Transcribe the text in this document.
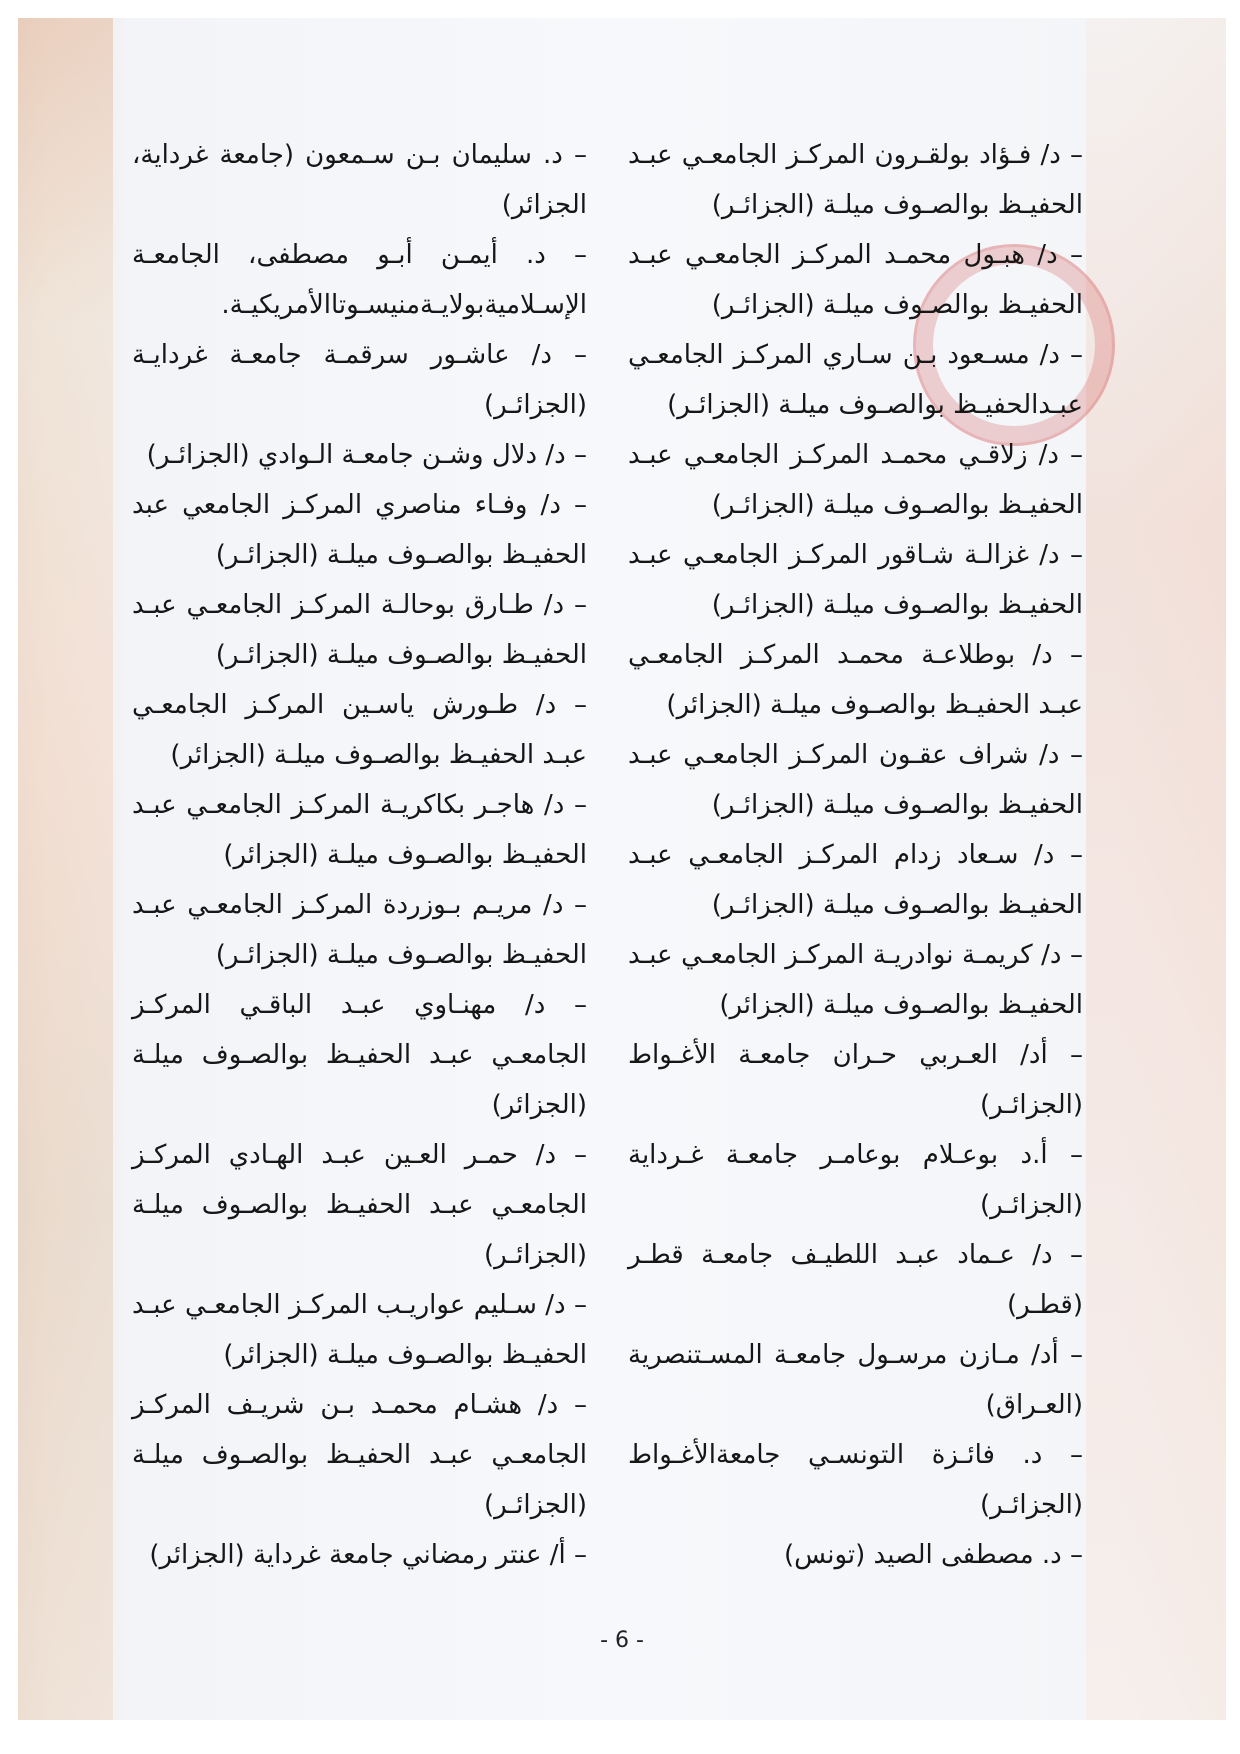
– د/ فـؤاد بولقـرون المركـز الجامعـي عبـد الحفيـظ بوالصـوف ميلـة (الجزائـر)

– د/ هبـول محمـد المركـز الجامعـي عبـد الحفيـظ بوالصـوف ميلـة (الجزائـر)

– د/ مسـعود بـن سـاري المركـز الجامعـي عبـدالحفيـظ بوالصـوف ميلـة (الجزائـر)

– د/ زلاقـي محمـد المركـز الجامعـي عبـد الحفيـظ بوالصـوف ميلـة (الجزائـر)

– د/ غزالـة شـاقور المركـز الجامعـي عبـد الحفيـظ بوالصـوف ميلـة (الجزائـر)

– د/ بوطلاعـة محمـد المركـز الجامعـي عبـد الحفيـظ بوالصـوف ميلـة (الجزائر)

– د/ شراف عقـون المركـز الجامعـي عبـد الحفيـظ بوالصـوف ميلـة (الجزائـر)

– د/ سـعاد زدام المركـز الجامعـي عبـد الحفيـظ بوالصـوف ميلـة (الجزائـر)

– د/ كريمـة نوادريـة المركـز الجامعـي عبـد الحفيـظ بوالصـوف ميلـة (الجزائر)

– أد/ العـربي حـران جامعـة الأغـواط (الجزائـر)

– أ.د بوعـلام بوعامـر جامعـة غـرداية (الجزائـر)

– د/ عـماد عبـد اللطيـف جامعـة قطـر (قطـر)

– أد/ مـازن مرسـول جامعـة المسـتنصرية (العـراق)

– د. فائـزة التونسـي جامعةالأغـواط (الجزائـر)

– د. مصطفى الصيد (تونس)

– د. سليمان بـن سـمعون (جامعة غرداية، الجزائر)

– د. أيمـن أبـو مصطفى، الجامعـة الإسـلاميةبولايـةمنيسـوتاالأمريكيـة.

– د/ عاشـور سرقمـة جامعـة غردايـة (الجزائـر)

– د/ دلال وشـن جامعـة الـوادي (الجزائـر)

– د/ وفـاء مناصري المركـز الجامعي عبد الحفيـظ بوالصـوف ميلـة (الجزائـر)

– د/ طـارق بوحالـة المركـز الجامعـي عبـد الحفيـظ بوالصـوف ميلـة (الجزائـر)

– د/ طـورش ياسـين المركـز الجامعـي عبـد الحفيـظ بوالصـوف ميلـة (الجزائر)

– د/ هاجـر بكاكريـة المركـز الجامعـي عبـد الحفيـظ بوالصـوف ميلـة (الجزائر)

– د/ مريـم بـوزردة المركـز الجامعـي عبـد الحفيـظ بوالصـوف ميلـة (الجزائـر)

– د/ مهنـاوي عبـد الباقـي المركـز الجامعـي عبـد الحفيـظ بوالصـوف ميلـة (الجزائر)

– د/ حمـر العـين عبـد الهـادي المركـز الجامعـي عبـد الحفيـظ بوالصـوف ميلـة (الجزائـر)

– د/ سـليم عواريـب المركـز الجامعـي عبـد الحفيـظ بوالصـوف ميلـة (الجزائر)

– د/ هشـام محمـد بـن شريـف المركـز الجامعـي عبـد الحفيـظ بوالصـوف ميلـة (الجزائـر)

– أ/ عنتر رمضاني جامعة غرداية (الجزائر)

- 6 -
